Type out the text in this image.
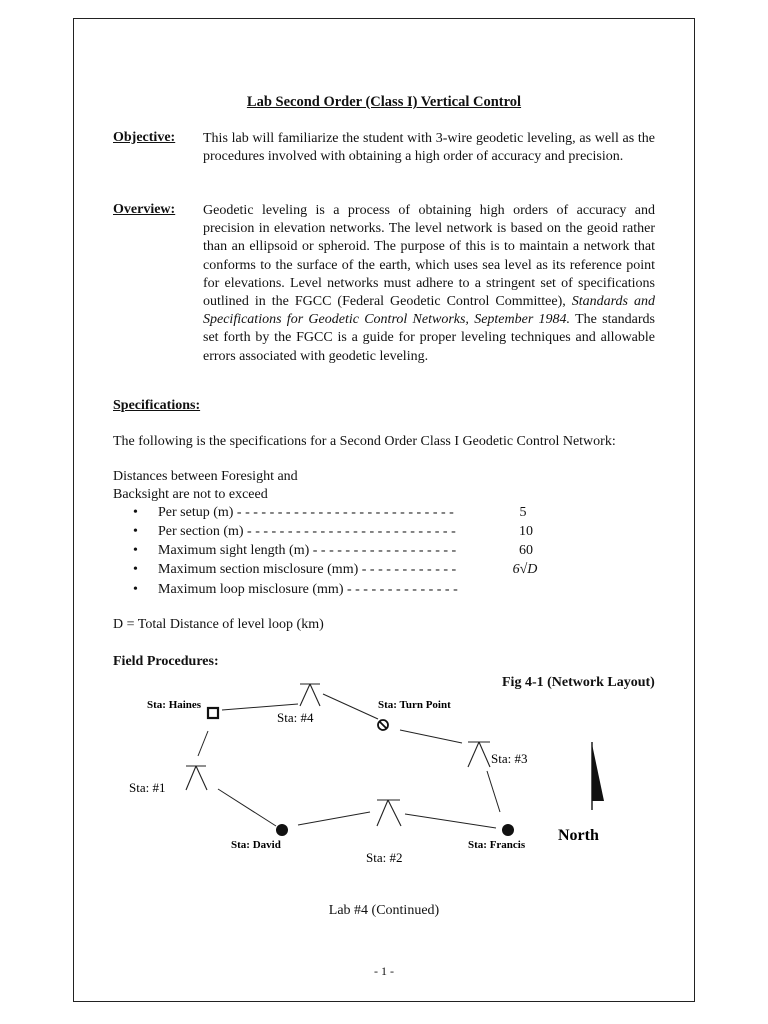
Lab Second Order (Class I) Vertical Control
Objective: This lab will familiarize the student with 3-wire geodetic leveling, as well as the procedures involved with obtaining a high order of accuracy and precision.
Overview: Geodetic leveling is a process of obtaining high orders of accuracy and precision in elevation networks. The level network is based on the geoid rather than an ellipsoid or spheroid. The purpose of this is to maintain a network that conforms to the surface of the earth, which uses sea level as its reference point for elevations. Level networks must adhere to a stringent set of specifications outlined in the FGCC (Federal Geodetic Control Committee), Standards and Specifications for Geodetic Control Networks, September 1984. The standards set forth by the FGCC is a guide for proper leveling techniques and allowable errors associated with geodetic leveling.
Specifications:
The following is the specifications for a Second Order Class I Geodetic Control Network:
Distances between Foresight and
Backsight are not to exceed
• Per setup (m) - - - - - - - - - - - - - - - - - - - - - - - - - - -	5
• Per section (m) - - - - - - - - - - - - - - - - - - - - - - - - - -	10
• Maximum sight length (m) - - - - - - - - - - - - - - - - - -	60
• Maximum section misclosure (mm) - - - - - - - - - - - -	6√D
• Maximum loop misclosure (mm) - - - - - - - - - - - - - -
D = Total Distance of level loop (km)
Field Procedures:
Fig 4-1 (Network Layout)
Sta: Haines	Sta: Turn Point
Sta: David	Sta: Francis
Sta: #4
Sta: #3
Sta: #1
Sta: #2
North
Lab #4 (Continued)
- 1 -
